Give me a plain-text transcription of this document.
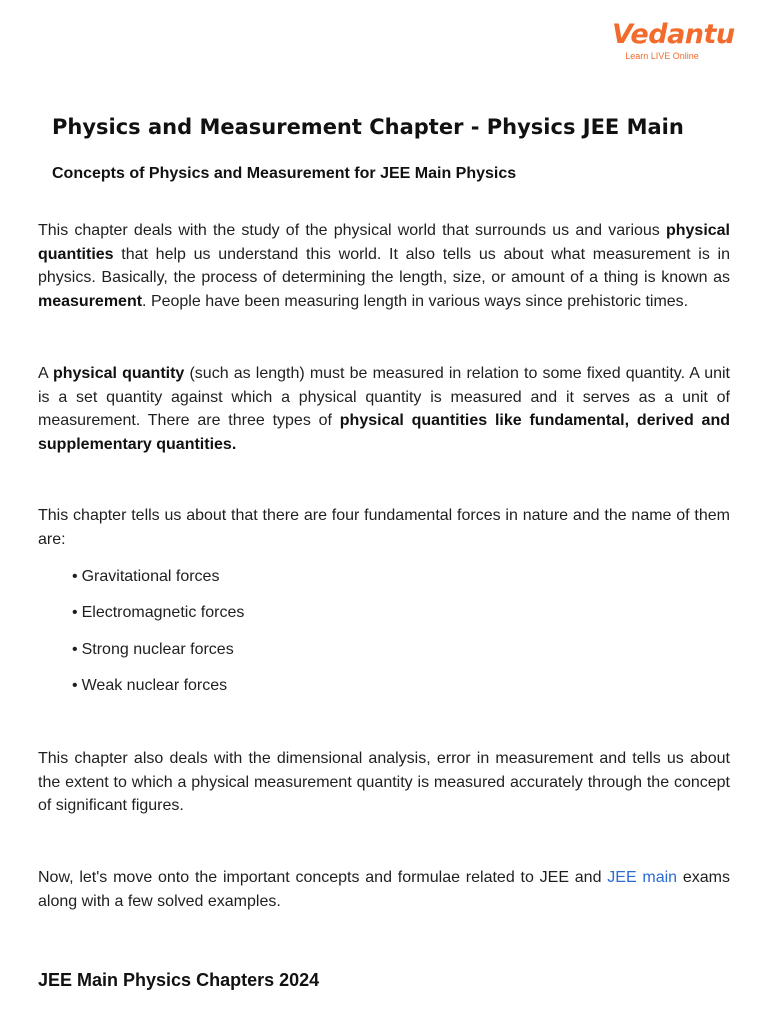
Vedantu
Learn LIVE Online
Physics and Measurement Chapter - Physics JEE Main
Concepts of Physics and Measurement for JEE Main Physics

This chapter deals with the study of the physical world that surrounds us and various physical quantities that help us understand this world. It also tells us about what measurement is in physics. Basically, the process of determining the length, size, or amount of a thing is known as measurement. People have been measuring length in various ways since prehistoric times.

A physical quantity (such as length) must be measured in relation to some fixed quantity. A unit is a set quantity against which a physical quantity is measured and it serves as a unit of measurement. There are three types of physical quantities like fundamental, derived and supplementary quantities.

This chapter tells us about that there are four fundamental forces in nature and the name of them are:

• Gravitational forces
• Electromagnetic forces
• Strong nuclear forces
• Weak nuclear forces

This chapter also deals with the dimensional analysis, error in measurement and tells us about the extent to which a physical measurement quantity is measured accurately through the concept of significant figures.

Now, let's move onto the important concepts and formulae related to JEE and JEE main exams along with a few solved examples.

JEE Main Physics Chapters 2024
